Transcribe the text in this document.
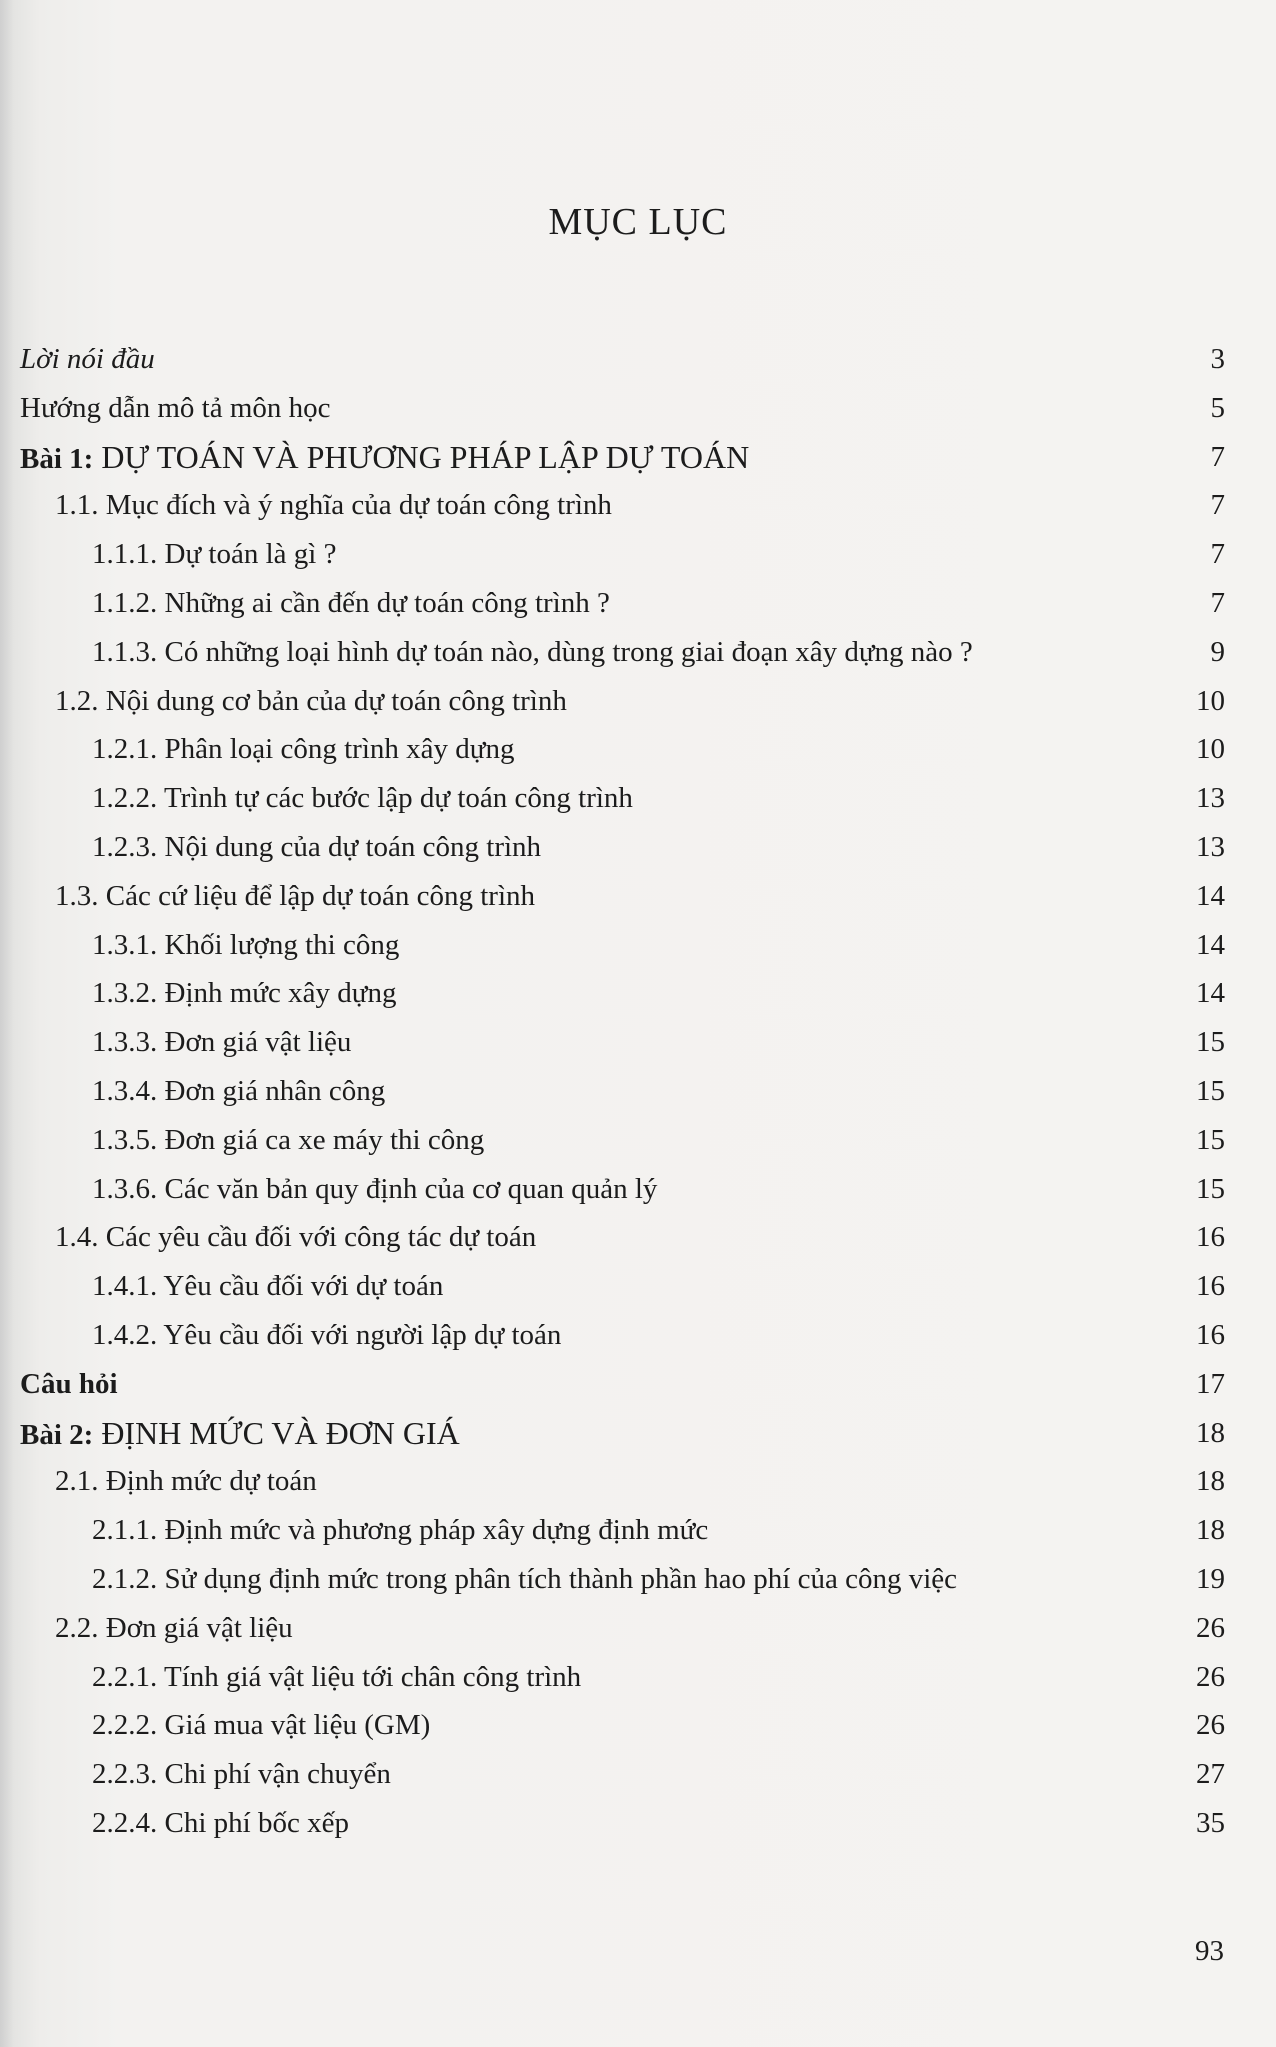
MỤC LỤC
Lời nói đầu	3
Hướng dẫn mô tả môn học	5
Bài 1: DỰ TOÁN VÀ PHƯƠNG PHÁP LẬP DỰ TOÁN	7
1.1. Mục đích và ý nghĩa của dự toán công trình	7
1.1.1. Dự toán là gì ?	7
1.1.2. Những ai cần đến dự toán công trình ?	7
1.1.3. Có những loại hình dự toán nào, dùng trong giai đoạn xây dựng nào ?	9
1.2. Nội dung cơ bản của dự toán công trình	10
1.2.1. Phân loại công trình xây dựng	10
1.2.2. Trình tự các bước lập dự toán công trình	13
1.2.3. Nội dung của dự toán công trình	13
1.3. Các cứ liệu để lập dự toán công trình	14
1.3.1. Khối lượng thi công	14
1.3.2. Định mức xây dựng	14
1.3.3. Đơn giá vật liệu	15
1.3.4. Đơn giá nhân công	15
1.3.5. Đơn giá ca xe máy thi công	15
1.3.6. Các văn bản quy định của cơ quan quản lý	15
1.4. Các yêu cầu đối với công tác dự toán	16
1.4.1. Yêu cầu đối với dự toán	16
1.4.2. Yêu cầu đối với người lập dự toán	16
Câu hỏi	17
Bài 2: ĐỊNH MỨC VÀ ĐƠN GIÁ	18
2.1. Định mức dự toán	18
2.1.1. Định mức và phương pháp xây dựng định mức	18
2.1.2. Sử dụng định mức trong phân tích thành phần hao phí của công việc	19
2.2. Đơn giá vật liệu	26
2.2.1. Tính giá vật liệu tới chân công trình	26
2.2.2. Giá mua vật liệu (GM)	26
2.2.3. Chi phí vận chuyển	27
2.2.4. Chi phí bốc xếp	35
93
